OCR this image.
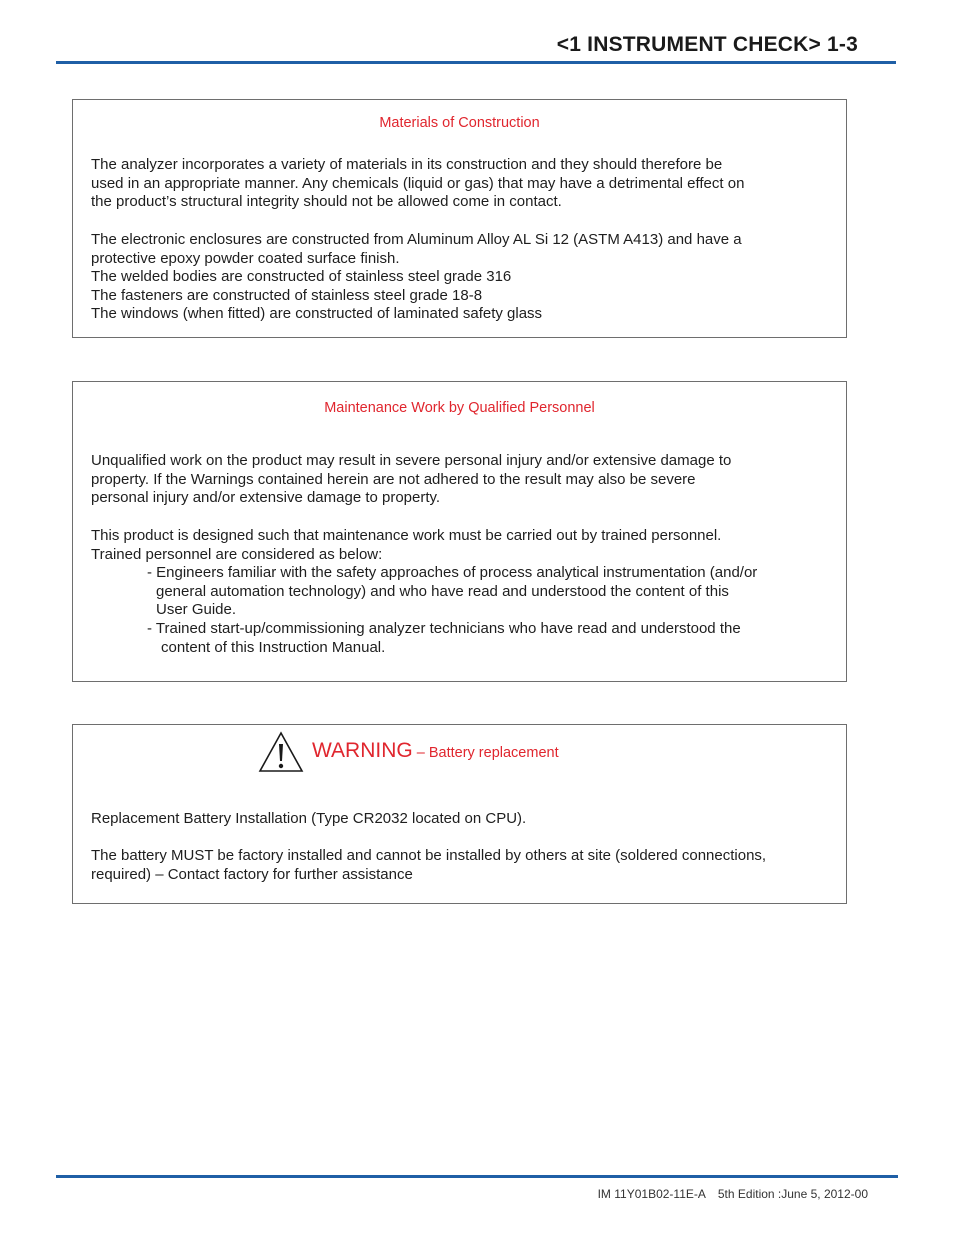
<1 INSTRUMENT CHECK> 1-3
Materials of Construction
The analyzer incorporates a variety of materials in its construction and they should therefore be
used in an appropriate manner. Any chemicals (liquid or gas) that may have a detrimental effect on
the product’s structural integrity should not be allowed come in contact.
The electronic enclosures are constructed from Aluminum Alloy AL Si 12 (ASTM A413) and have a
protective epoxy powder coated surface finish.
The welded bodies are constructed of stainless steel grade 316
The fasteners are constructed of stainless steel grade 18-8
The windows (when fitted) are constructed of laminated safety glass
Maintenance Work by Qualified Personnel
Unqualified work on the product may result in severe personal injury and/or extensive damage to
property. If the Warnings contained herein are not adhered to the result may also be severe
personal injury and/or extensive damage to property.
This product is designed such that maintenance work must be carried out by trained personnel.
Trained personnel are considered as below:
- Engineers familiar with the safety approaches of process analytical instrumentation (and/or
general automation technology) and who have read and understood the content of this
User Guide.
- Trained start-up/commissioning analyzer technicians who have read and understood the
content of this Instruction Manual.
WARNING – Battery replacement
Replacement Battery Installation (Type CR2032 located on CPU).
The battery MUST be factory installed and cannot be installed by others at site (soldered connections,
required) – Contact factory for further assistance
IM 11Y01B02-11E-A 5th Edition :June 5, 2012-00
